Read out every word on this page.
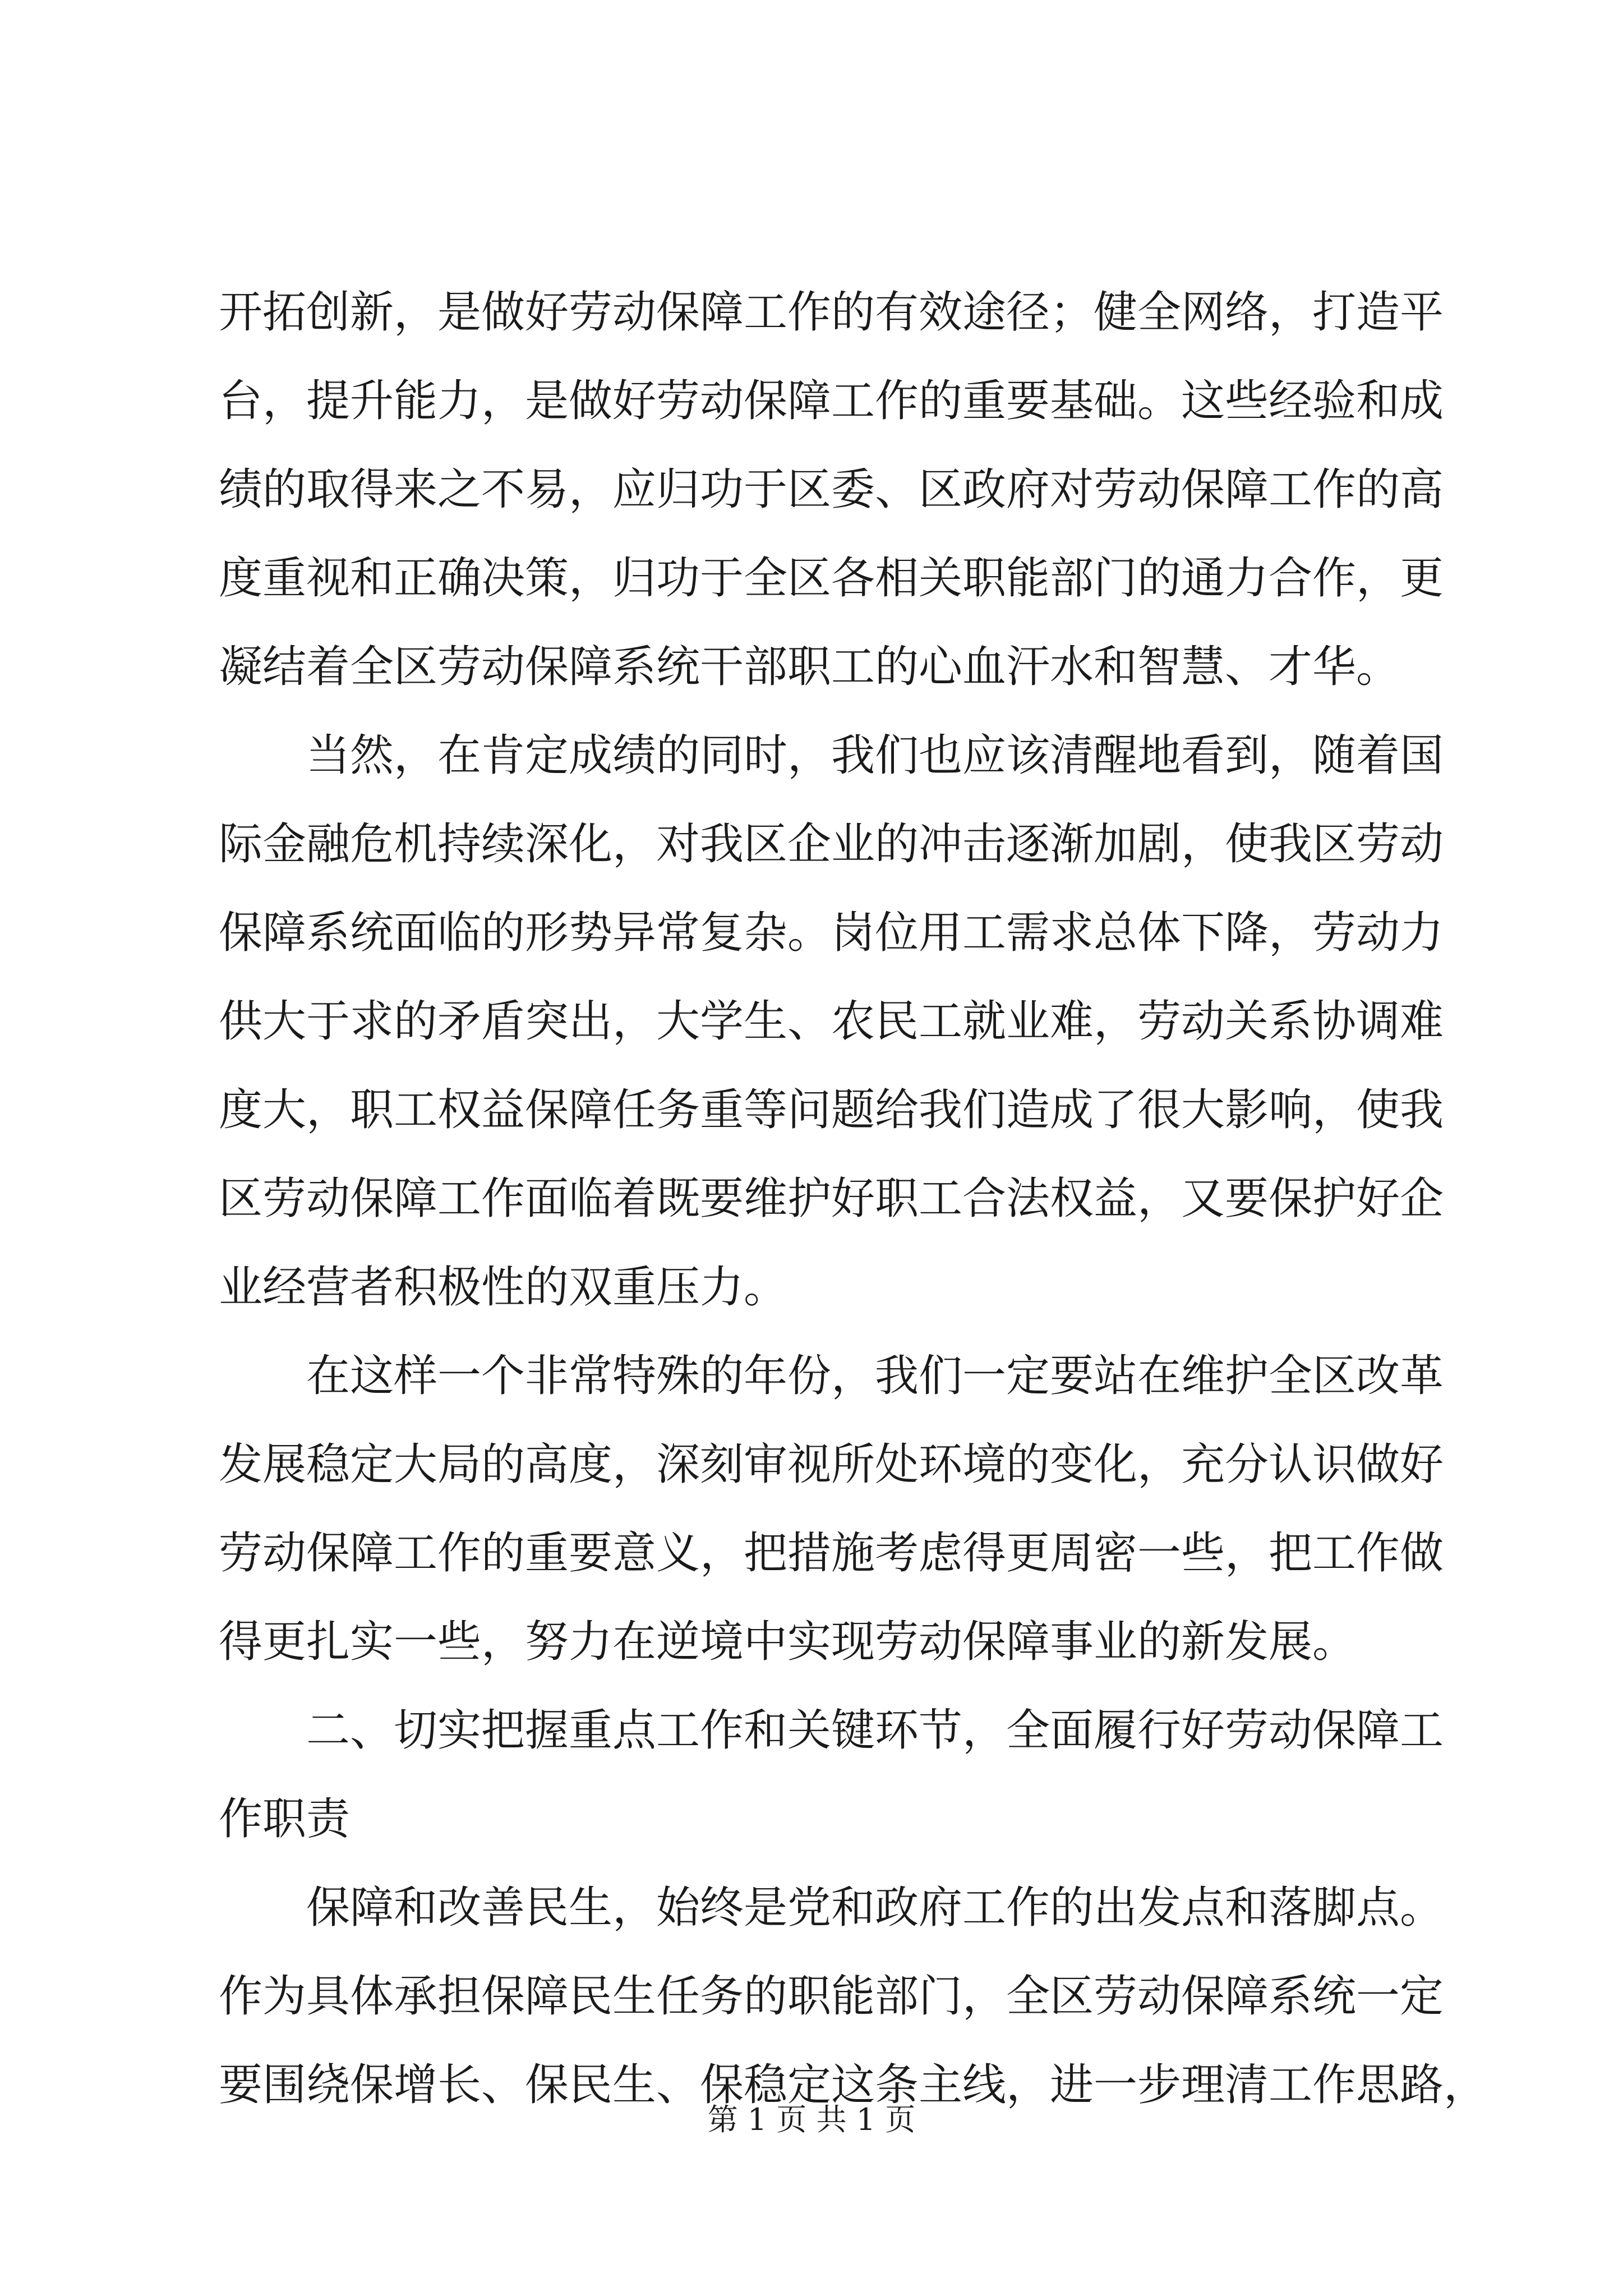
开拓创新，是做好劳动保障工作的有效途径；健全网络，打造平
台，提升能力，是做好劳动保障工作的重要基础。这些经验和成
绩的取得来之不易，应归功于区委、区政府对劳动保障工作的高
度重视和正确决策，归功于全区各相关职能部门的通力合作，更
凝结着全区劳动保障系统干部职工的心血汗水和智慧、才华。
当然，在肯定成绩的同时，我们也应该清醒地看到，随着国
际金融危机持续深化，对我区企业的冲击逐渐加剧，使我区劳动
保障系统面临的形势异常复杂。岗位用工需求总体下降，劳动力
供大于求的矛盾突出，大学生、农民工就业难，劳动关系协调难
度大，职工权益保障任务重等问题给我们造成了很大影响，使我
区劳动保障工作面临着既要维护好职工合法权益，又要保护好企
业经营者积极性的双重压力。
在这样一个非常特殊的年份，我们一定要站在维护全区改革
发展稳定大局的高度，深刻审视所处环境的变化，充分认识做好
劳动保障工作的重要意义，把措施考虑得更周密一些，把工作做
得更扎实一些，努力在逆境中实现劳动保障事业的新发展。
二、切实把握重点工作和关键环节，全面履行好劳动保障工
作职责
保障和改善民生，始终是党和政府工作的出发点和落脚点。
作为具体承担保障民生任务的职能部门，全区劳动保障系统一定
要围绕保增长、保民生、保稳定这条主线，进一步理清工作思路，
第 1 页 共 1 页
